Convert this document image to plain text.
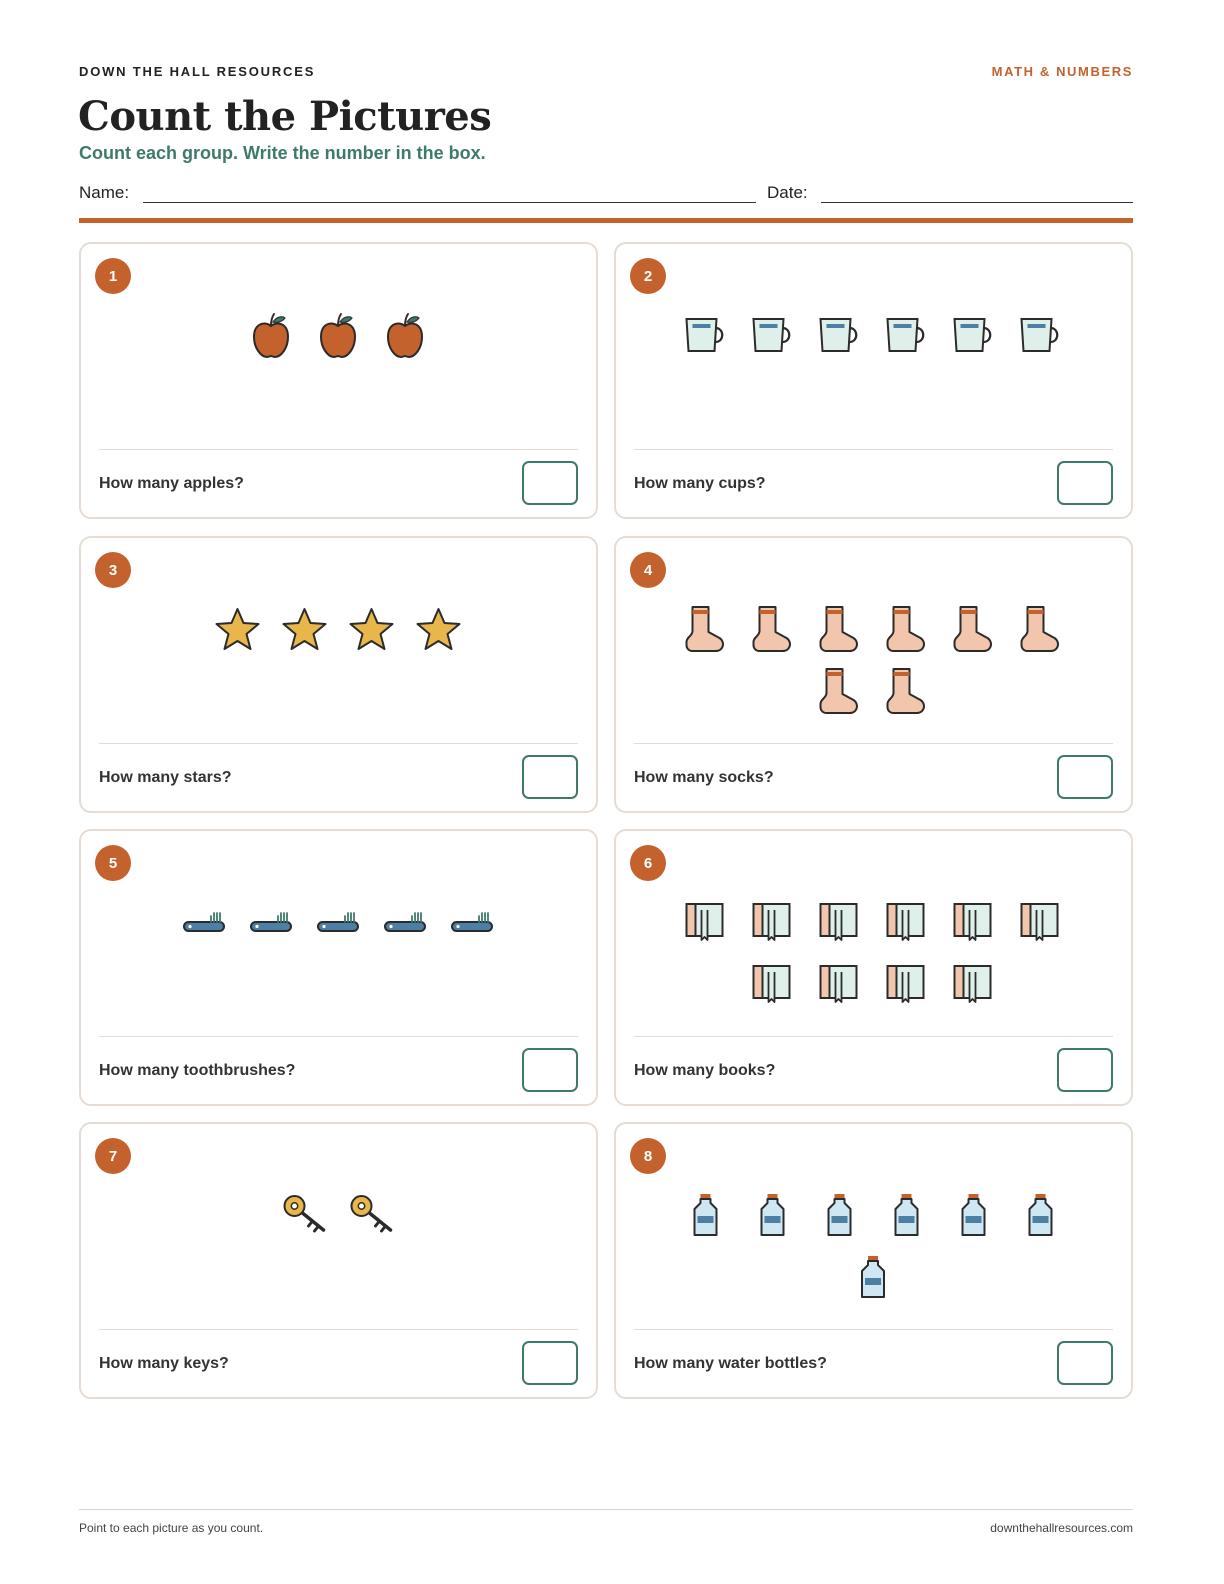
DOWN THE HALL RESOURCES	MATH & NUMBERS
Count the Pictures
Count each group. Write the number in the box.
Name:	Date:
1
How many apples?
2
How many cups?
3
How many stars?
4
How many socks?
5
How many toothbrushes?
6
How many books?
7
How many keys?
8
How many water bottles?
Point to each picture as you count.	downthehallresources.com
